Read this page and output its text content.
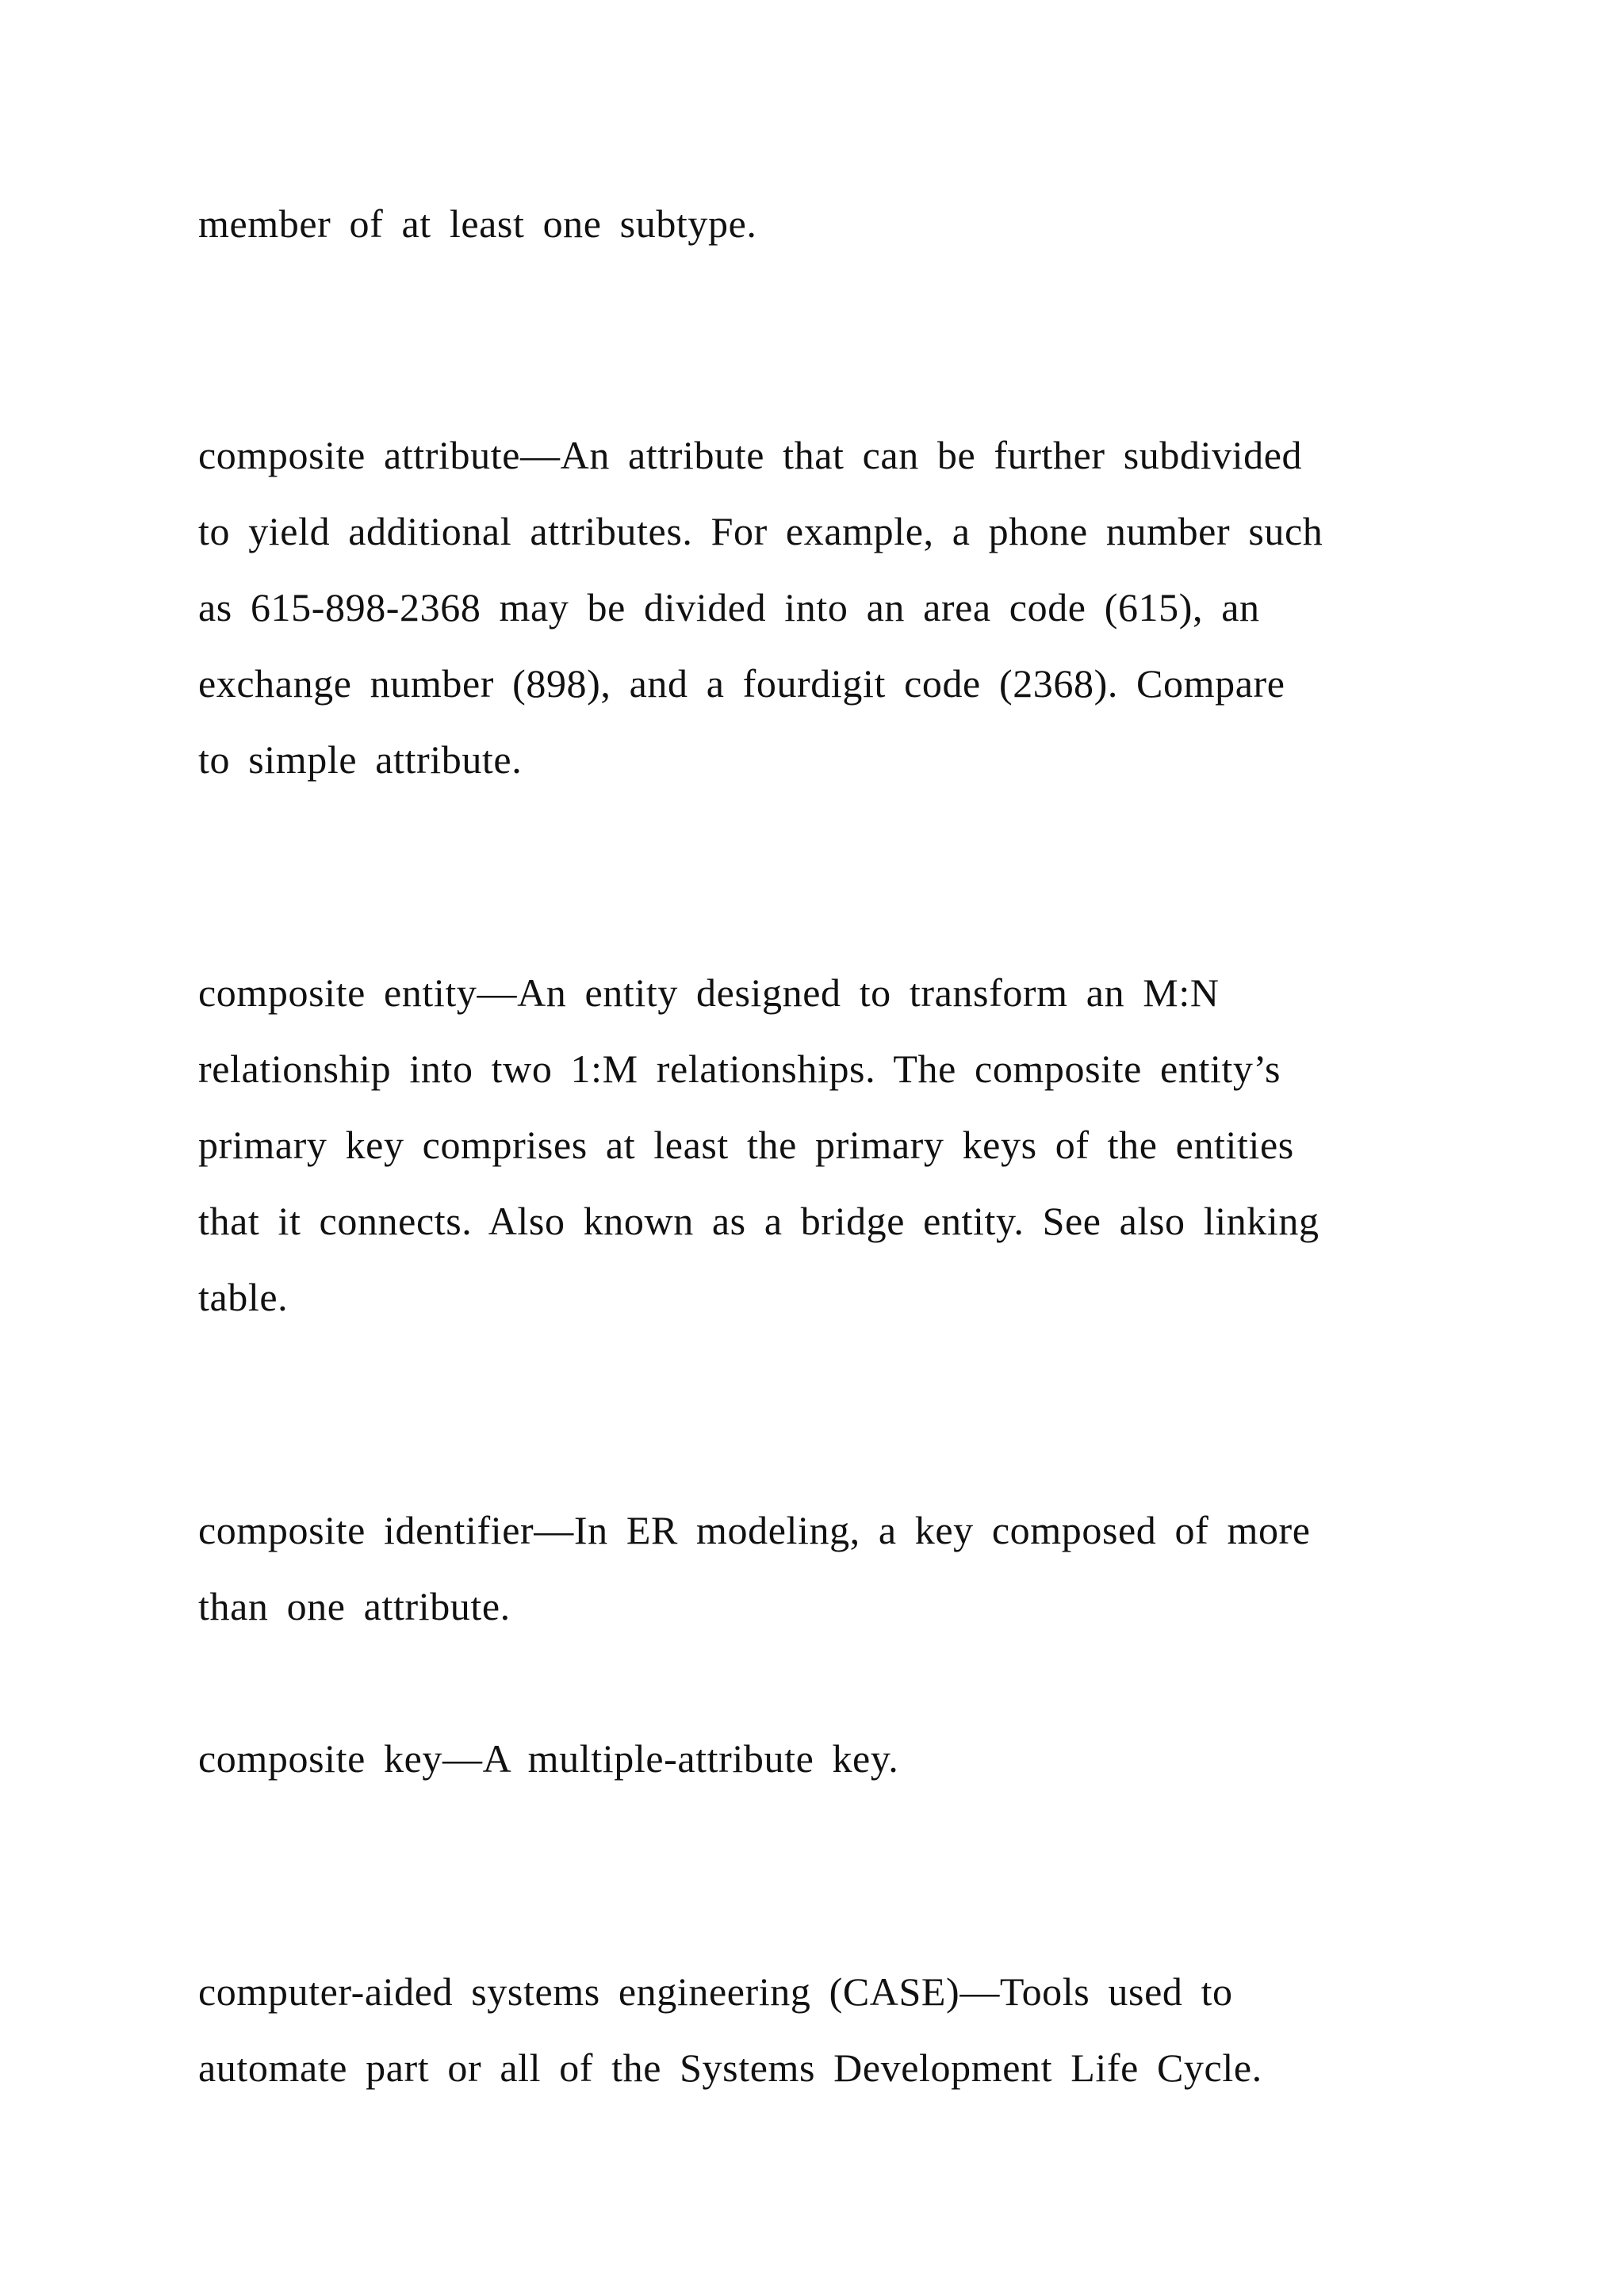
member of at least one subtype.
composite attribute—An attribute that can be further subdivided
to yield additional attributes. For example, a phone number such
as 615-898-2368 may be divided into an area code (615), an
exchange number (898), and a fourdigit code (2368). Compare
to simple attribute.
composite entity—An entity designed to transform an M:N
relationship into two 1:M relationships. The composite entity’s
primary key comprises at least the primary keys of the entities
that it connects. Also known as a bridge entity. See also linking
table.
composite identifier—In ER modeling, a key composed of more
than one attribute.
composite key—A multiple-attribute key.
computer-aided systems engineering (CASE)—Tools used to
automate part or all of the Systems Development Life Cycle.
